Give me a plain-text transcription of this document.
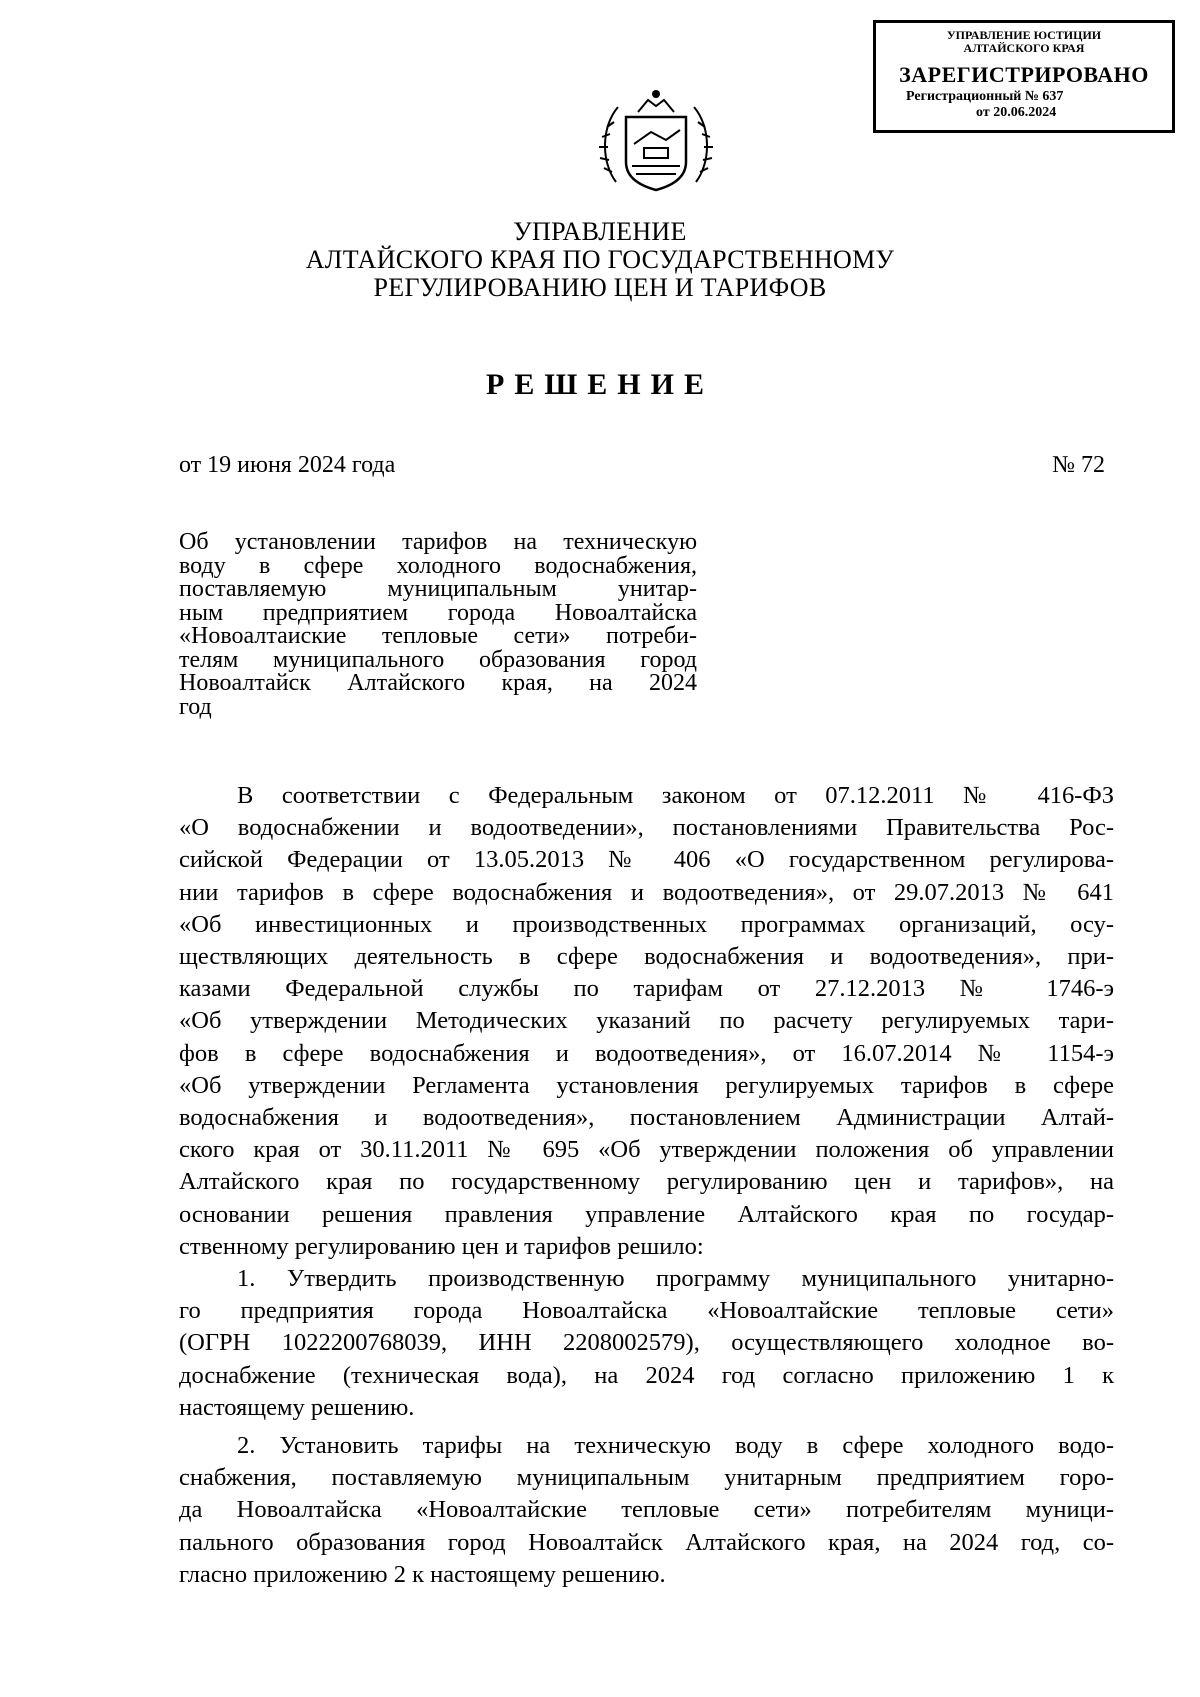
УПРАВЛЕНИЕ ЮСТИЦИИ
АЛТАЙСКОГО КРАЯ
ЗАРЕГИСТРИРОВАНО
Регистрационный № 637
от 20.06.2024
УПРАВЛЕНИЕ
АЛТАЙСКОГО КРАЯ ПО ГОСУДАРСТВЕННОМУ
РЕГУЛИРОВАНИЮ ЦЕН И ТАРИФОВ
РЕШЕНИЕ
от 19 июня 2024 года	№ 72
Об установлении тарифов на техническую
воду в сфере холодного водоснабжения,
поставляемую муниципальным унитар-
ным предприятием города Новоалтайска
«Новоалтаиские тепловые сети» потреби-
телям муниципального образования город
Новоалтайск Алтайского края, на 2024
год
В соответствии с Федеральным законом от 07.12.2011 № 416-ФЗ
«О водоснабжении и водоотведении», постановлениями Правительства Рос-
сийской Федерации от 13.05.2013 № 406 «О государственном регулирова-
нии тарифов в сфере водоснабжения и водоотведения», от 29.07.2013 № 641
«Об инвестиционных и производственных программах организаций, осу-
ществляющих деятельность в сфере водоснабжения и водоотведения», при-
казами Федеральной службы по тарифам от 27.12.2013 № 1746-э
«Об утверждении Методических указаний по расчету регулируемых тари-
фов в сфере водоснабжения и водоотведения», от 16.07.2014 № 1154-э
«Об утверждении Регламента установления регулируемых тарифов в сфере
водоснабжения и водоотведения», постановлением Администрации Алтай-
ского края от 30.11.2011 № 695 «Об утверждении положения об управлении
Алтайского края по государственному регулированию цен и тарифов», на
основании решения правления управление Алтайского края по государ-
ственному регулированию цен и тарифов решило:
1. Утвердить производственную программу муниципального унитарно-
го предприятия города Новоалтайска «Новоалтайские тепловые сети»
(ОГРН 1022200768039, ИНН 2208002579), осуществляющего холодное во-
доснабжение (техническая вода), на 2024 год согласно приложению 1 к
настоящему решению.
2. Установить тарифы на техническую воду в сфере холодного водо-
снабжения, поставляемую муниципальным унитарным предприятием горо-
да Новоалтайска «Новоалтайские тепловые сети» потребителям муници-
пального образования город Новоалтайск Алтайского края, на 2024 год, со-
гласно приложению 2 к настоящему решению.
